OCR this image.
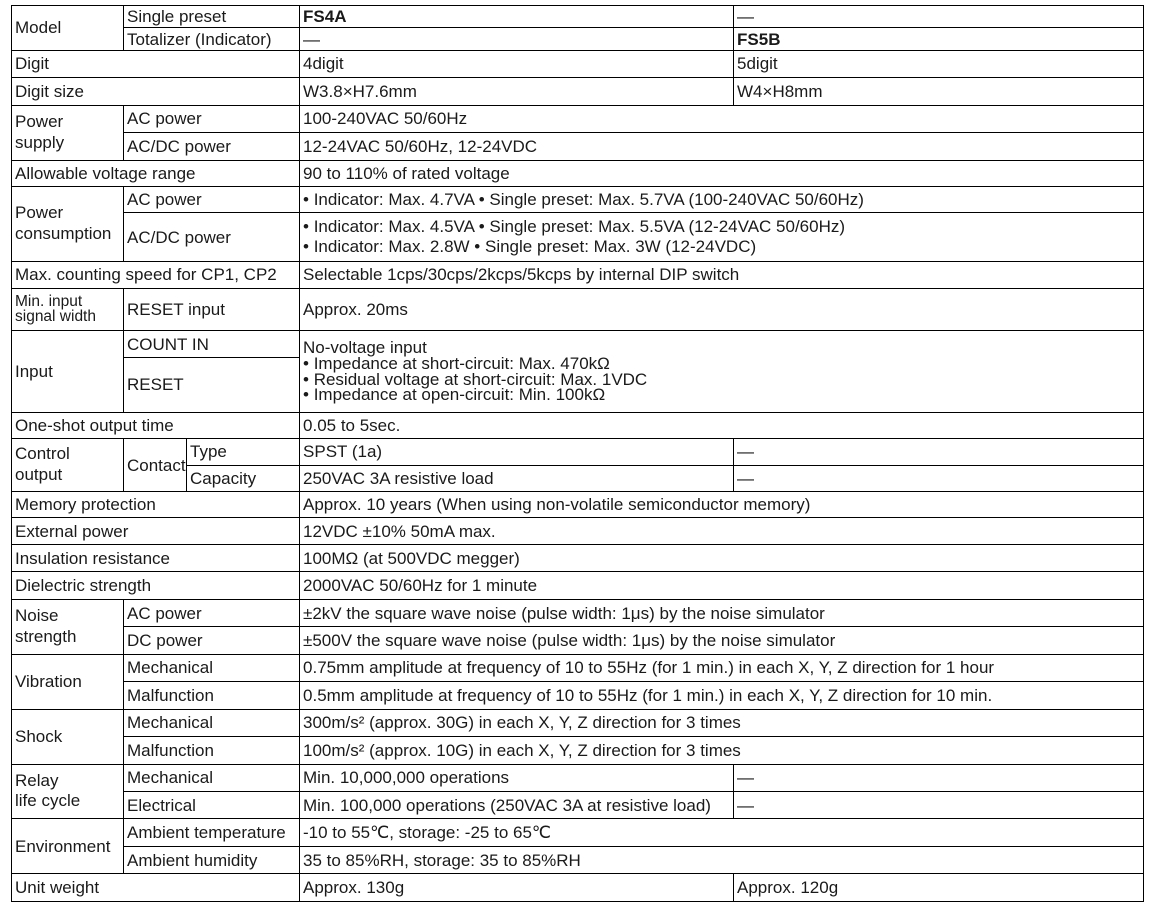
Model	Single preset		FS4A	—
	Totalizer (Indicator)		—	FS5B
Digit			4digit	5digit
Digit size			W3.8×H7.6mm	W4×H8mm
Power
supply	AC power		100-240VAC 50/60Hz	
	AC/DC power		12-24VAC 50/60Hz, 12-24VDC	
Allowable voltage range			90 to 110% of rated voltage	
Power
consumption	AC power		• Indicator: Max. 4.7VA • Single preset: Max. 5.7VA (100-240VAC 50/60Hz)	
	AC/DC power		• Indicator: Max. 4.5VA • Single preset: Max. 5.5VA (12-24VAC 50/60Hz)
• Indicator: Max. 2.8W • Single preset: Max. 3W (12-24VDC)	
Max. counting speed for CP1, CP2			Selectable 1cps/30cps/2kcps/5kcps by internal DIP switch	
Min. input
signal width	RESET input		Approx. 20ms	
Input	COUNT IN		No-voltage input
• Impedance at short-circuit: Max. 470kΩ
• Residual voltage at short-circuit: Max. 1VDC
• Impedance at open-circuit: Min. 100kΩ	
	RESET			
One-shot output time			0.05 to 5sec.	
Control
output	Contact	Type	SPST (1a)	—
		Capacity	250VAC 3A resistive load	—
Memory protection			Approx. 10 years (When using non-volatile semiconductor memory)	
External power			12VDC ±10% 50mA max.	
Insulation resistance			100MΩ (at 500VDC megger)	
Dielectric strength			2000VAC 50/60Hz for 1 minute	
Noise
strength	AC power		±2kV the square wave noise (pulse width: 1μs) by the noise simulator	
	DC power		±500V the square wave noise (pulse width: 1μs) by the noise simulator	
Vibration	Mechanical		0.75mm amplitude at frequency of 10 to 55Hz (for 1 min.) in each X, Y, Z direction for 1 hour	
	Malfunction		0.5mm amplitude at frequency of 10 to 55Hz (for 1 min.) in each X, Y, Z direction for 10 min.	
Shock	Mechanical		300m/s² (approx. 30G) in each X, Y, Z direction for 3 times	
	Malfunction		100m/s² (approx. 10G) in each X, Y, Z direction for 3 times	
Relay
life cycle	Mechanical		Min. 10,000,000 operations	—
	Electrical		Min. 100,000 operations (250VAC 3A at resistive load)	—
Environment	Ambient temperature		-10 to 55℃, storage: -25 to 65℃	
	Ambient humidity		35 to 85%RH, storage: 35 to 85%RH	
Unit weight			Approx. 130g	Approx. 120g
